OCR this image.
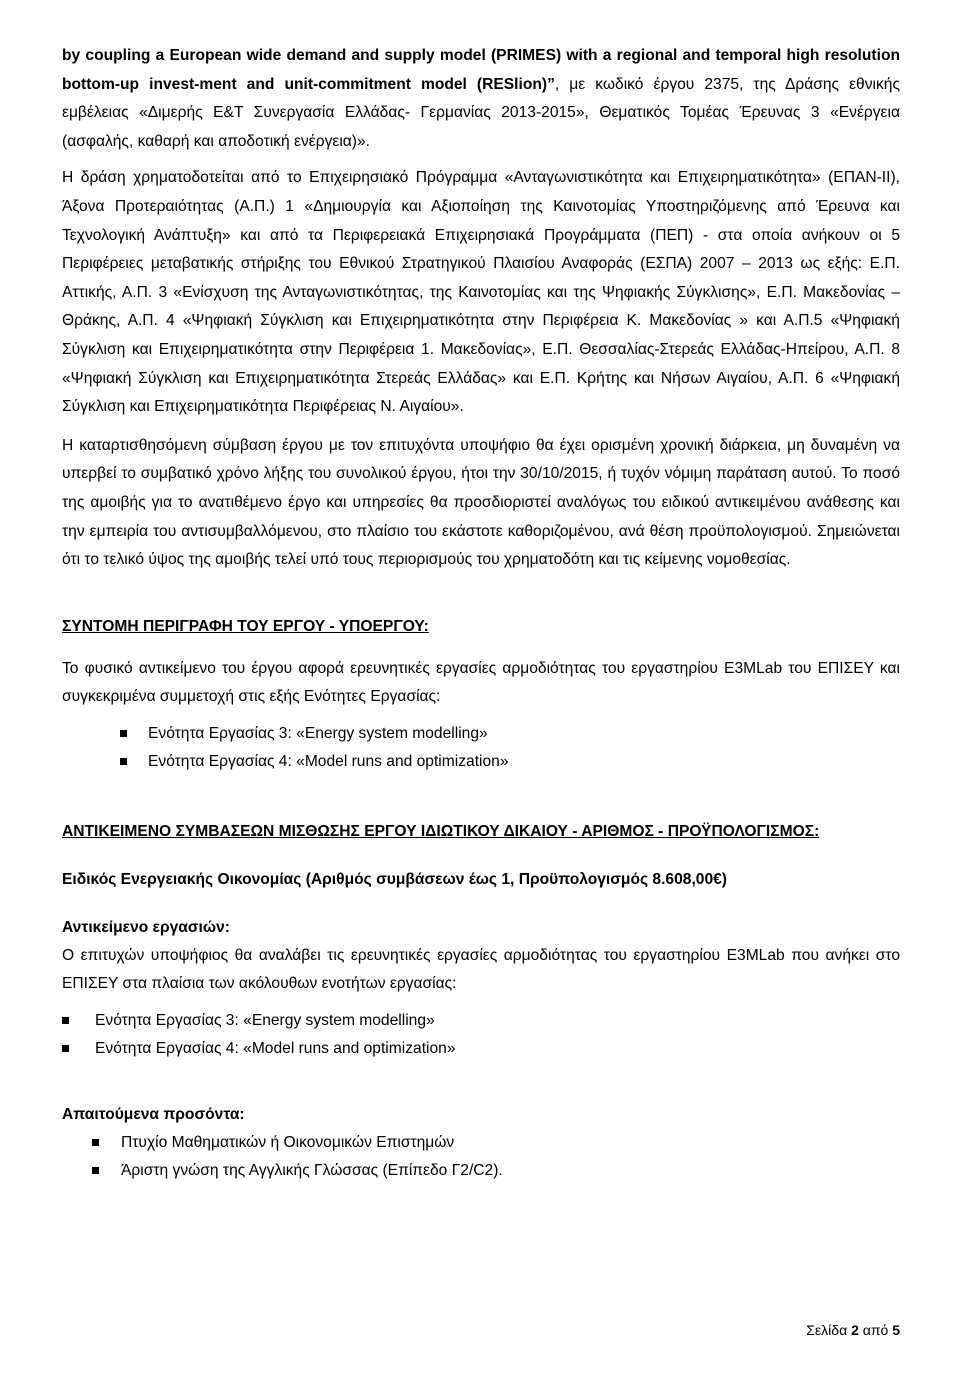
by coupling a European wide demand and supply model (PRIMES) with a regional and temporal high resolution bottom-up invest-ment and unit-commitment model (RESlion)”, με κωδικό έργου 2375, της Δράσης εθνικής εμβέλειας «Διμερής Ε&Τ Συνεργασία Ελλάδας- Γερμανίας 2013-2015», Θεματικός Τομέας Έρευνας 3 «Ενέργεια (ασφαλής, καθαρή και αποδοτική ενέργεια)».

Η δράση χρηματοδοτείται από το Επιχειρησιακό Πρόγραμμα «Ανταγωνιστικότητα και Επιχειρηματικότητα» (ΕΠΑΝ-ΙΙ), Άξονα Προτεραιότητας (Α.Π.) 1 «Δημιουργία και Αξιοποίηση της Καινοτομίας Υποστηριζόμενης από Έρευνα και Τεχνολογική Ανάπτυξη» και από τα Περιφερειακά Επιχειρησιακά Προγράμματα (ΠΕΠ) - στα οποία ανήκουν οι 5 Περιφέρειες μεταβατικής στήριξης του Εθνικού Στρατηγικού Πλαισίου Αναφοράς (ΕΣΠΑ) 2007 – 2013 ως εξής: Ε.Π. Αττικής, Α.Π. 3 «Ενίσχυση της Ανταγωνιστικότητας, της Καινοτομίας και της Ψηφιακής Σύγκλισης», Ε.Π. Μακεδονίας – Θράκης, Α.Π. 4 «Ψηφιακή Σύγκλιση και Επιχειρηματικότητα στην Περιφέρεια Κ. Μακεδονίας » και Α.Π.5 «Ψηφιακή Σύγκλιση και Επιχειρηματικότητα στην Περιφέρεια 1. Μακεδονίας», Ε.Π. Θεσσαλίας-Στερεάς Ελλάδας-Ηπείρου, Α.Π. 8 «Ψηφιακή Σύγκλιση και Επιχειρηματικότητα Στερεάς Ελλάδας» και Ε.Π. Κρήτης και Νήσων Αιγαίου, Α.Π. 6 «Ψηφιακή Σύγκλιση και Επιχειρηματικότητα Περιφέρειας Ν. Αιγαίου».

Η καταρτισθησόμενη σύμβαση έργου με τον επιτυχόντα υποψήφιο θα έχει ορισμένη χρονική διάρκεια, μη δυναμένη να υπερβεί το συμβατικό χρόνο λήξης του συνολικού έργου, ήτοι την 30/10/2015, ή τυχόν νόμιμη παράταση αυτού. Το ποσό της αμοιβής για το ανατιθέμενο έργο και υπηρεσίες θα προσδιοριστεί αναλόγως του ειδικού αντικειμένου ανάθεσης και την εμπειρία του αντισυμβαλλόμενου, στο πλαίσιο του εκάστοτε καθοριζομένου, ανά θέση προϋπολογισμού. Σημειώνεται ότι το τελικό ύψος της αμοιβής τελεί υπό τους περιορισμούς του χρηματοδότη και τις κείμενης νομοθεσίας.

ΣΥΝΤΟΜΗ ΠΕΡΙΓΡΑΦΗ ΤΟΥ ΕΡΓΟΥ - ΥΠΟΕΡΓΟΥ:

Το φυσικό αντικείμενο του έργου αφορά ερευνητικές εργασίες αρμοδιότητας του εργαστηρίου E3MLab του ΕΠΙΣΕΥ και συγκεκριμένα συμμετοχή στις εξής Ενότητες Εργασίας:

Ενότητα Εργασίας 3: «Energy system modelling»
Ενότητα Εργασίας 4: «Model runs and optimization»
ΑΝΤΙΚΕΙΜΕΝΟ ΣΥΜΒΑΣΕΩΝ ΜΙΣΘΩΣΗΣ ΕΡΓΟΥ ΙΔΙΩΤΙΚΟΥ ΔΙΚΑΙΟΥ - ΑΡΙΘΜΟΣ - ΠΡΟΫΠΟΛΟΓΙΣΜΟΣ:
Ειδικός Ενεργειακής Οικονομίας (Αριθμός συμβάσεων έως 1, Προϋπολογισμός 8.608,00€)
Αντικείμενο εργασιών:

Ο επιτυχών υποψήφιος θα αναλάβει τις ερευνητικές εργασίες αρμοδιότητας του εργαστηρίου E3MLab που ανήκει στο ΕΠΙΣΕΥ στα πλαίσια των ακόλουθων ενοτήτων εργασίας:

Ενότητα Εργασίας 3: «Energy system modelling»
Ενότητα Εργασίας 4: «Model runs and optimization»
Απαιτούμενα προσόντα:
Πτυχίο Μαθηματικών ή Οικονομικών Επιστημών
Άριστη γνώση της Αγγλικής Γλώσσας (Επίπεδο Γ2/C2).
Σελίδα 2 από 5
